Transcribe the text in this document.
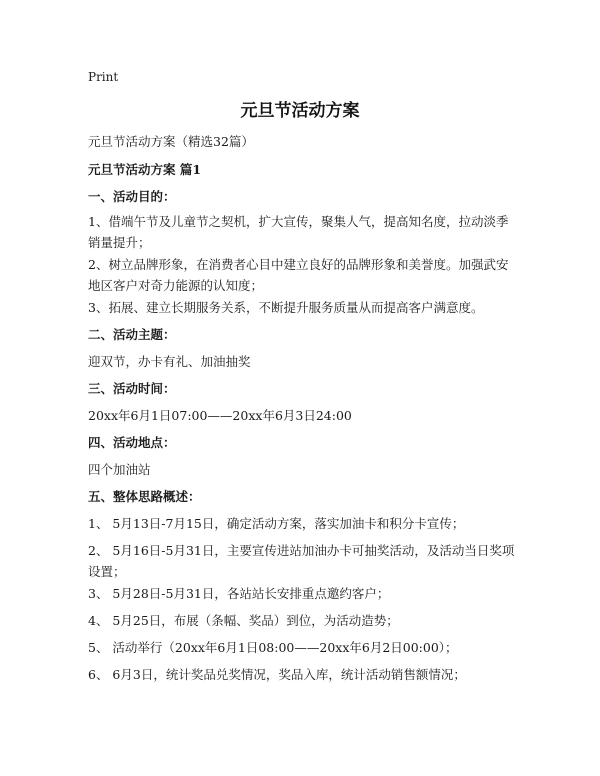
Print
元旦节活动方案
元旦节活动方案（精选32篇）
元旦节活动方案 篇1
一、活动目的：
1、借端午节及儿童节之契机，扩大宣传，聚集人气，提高知名度，拉动淡季销量提升；
2、树立品牌形象，在消费者心目中建立良好的品牌形象和美誉度。加强武安地区客户对奇力能源的认知度；
3、拓展、建立长期服务关系，不断提升服务质量从而提高客户满意度。
二、活动主题：
迎双节，办卡有礼、加油抽奖
三、活动时间：
20xx年6月1日07:00——20xx年6月3日24:00
四、活动地点：
四个加油站
五、整体思路概述：
1、 5月13日-7月15日，确定活动方案，落实加油卡和积分卡宣传；
2、 5月16日-5月31日，主要宣传进站加油办卡可抽奖活动，及活动当日奖项设置；
3、 5月28日-5月31日，各站站长安排重点邀约客户；
4、 5月25日，布展（条幅、奖品）到位，为活动造势；
5、 活动举行（20xx年6月1日08:00——20xx年6月2日00:00）；
6、 6月3日，统计奖品兑奖情况，奖品入库，统计活动销售额情况；
